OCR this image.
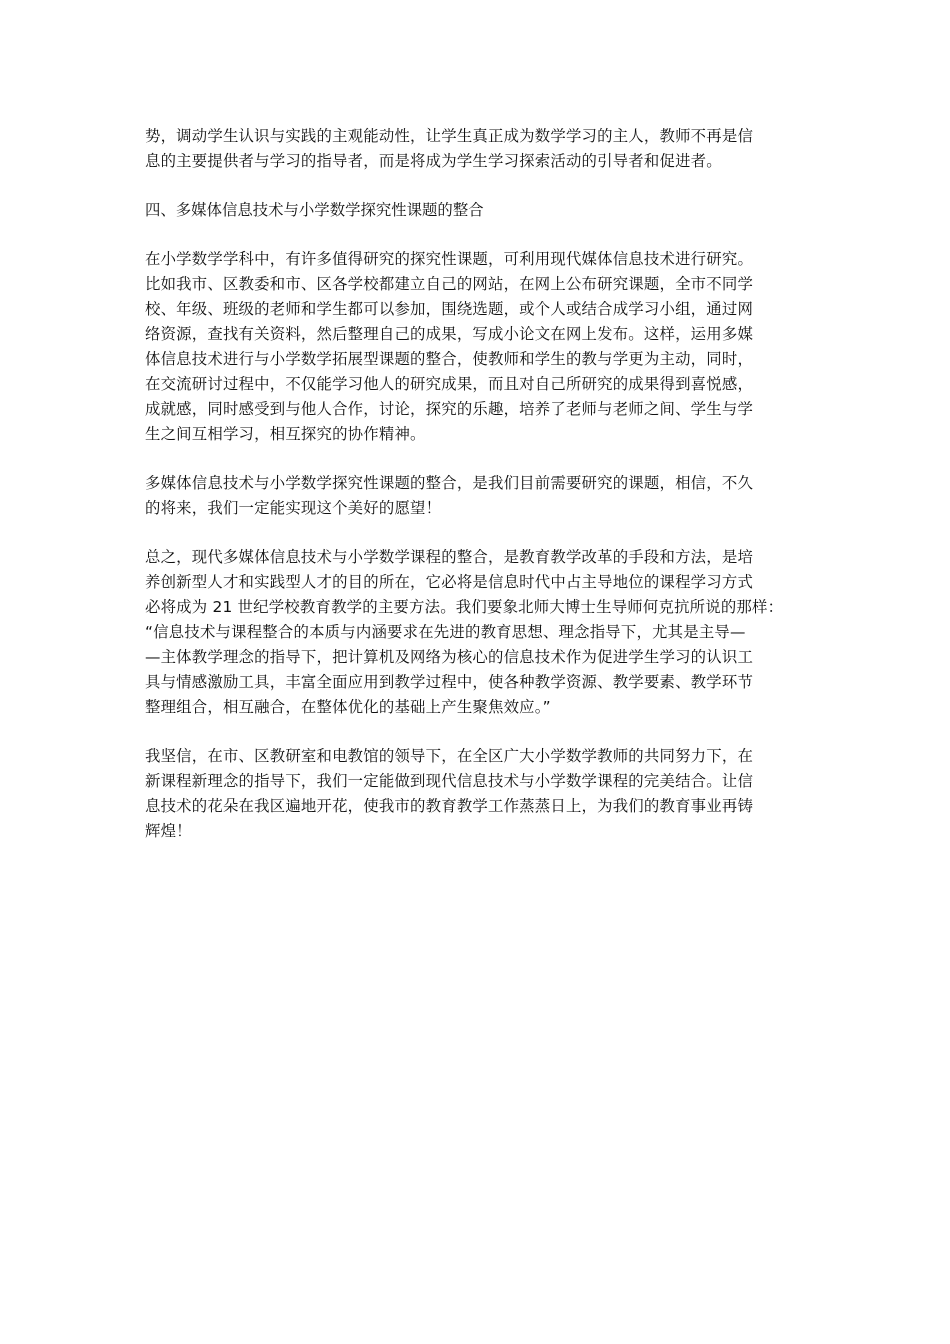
势，调动学生认识与实践的主观能动性，让学生真正成为数学学习的主人，教师不再是信
息的主要提供者与学习的指导者，而是将成为学生学习探索活动的引导者和促进者。

四、多媒体信息技术与小学数学探究性课题的整合

在小学数学学科中，有许多值得研究的探究性课题，可利用现代媒体信息技术进行研究。
比如我市、区教委和市、区各学校都建立自己的网站，在网上公布研究课题，全市不同学
校、年级、班级的老师和学生都可以参加，围绕选题，或个人或结合成学习小组，通过网
络资源，查找有关资料，然后整理自己的成果，写成小论文在网上发布。这样，运用多媒
体信息技术进行与小学数学拓展型课题的整合，使教师和学生的教与学更为主动，同时，
在交流研讨过程中，不仅能学习他人的研究成果，而且对自己所研究的成果得到喜悦感，
成就感，同时感受到与他人合作，讨论，探究的乐趣，培养了老师与老师之间、学生与学
生之间互相学习，相互探究的协作精神。

多媒体信息技术与小学数学探究性课题的整合，是我们目前需要研究的课题，相信，不久
的将来，我们一定能实现这个美好的愿望！

总之，现代多媒体信息技术与小学数学课程的整合，是教育教学改革的手段和方法，是培
养创新型人才和实践型人才的目的所在，它必将是信息时代中占主导地位的课程学习方式
必将成为 21 世纪学校教育教学的主要方法。我们要象北师大博士生导师何克抗所说的那样：
“信息技术与课程整合的本质与内涵要求在先进的教育思想、理念指导下，尤其是主导—
—主体教学理念的指导下，把计算机及网络为核心的信息技术作为促进学生学习的认识工
具与情感激励工具，丰富全面应用到教学过程中，使各种教学资源、教学要素、教学环节
整理组合，相互融合，在整体优化的基础上产生聚焦效应。”

我坚信，在市、区教研室和电教馆的领导下，在全区广大小学数学教师的共同努力下，在
新课程新理念的指导下，我们一定能做到现代信息技术与小学数学课程的完美结合。让信
息技术的花朵在我区遍地开花，使我市的教育教学工作蒸蒸日上，为我们的教育事业再铸
辉煌！
